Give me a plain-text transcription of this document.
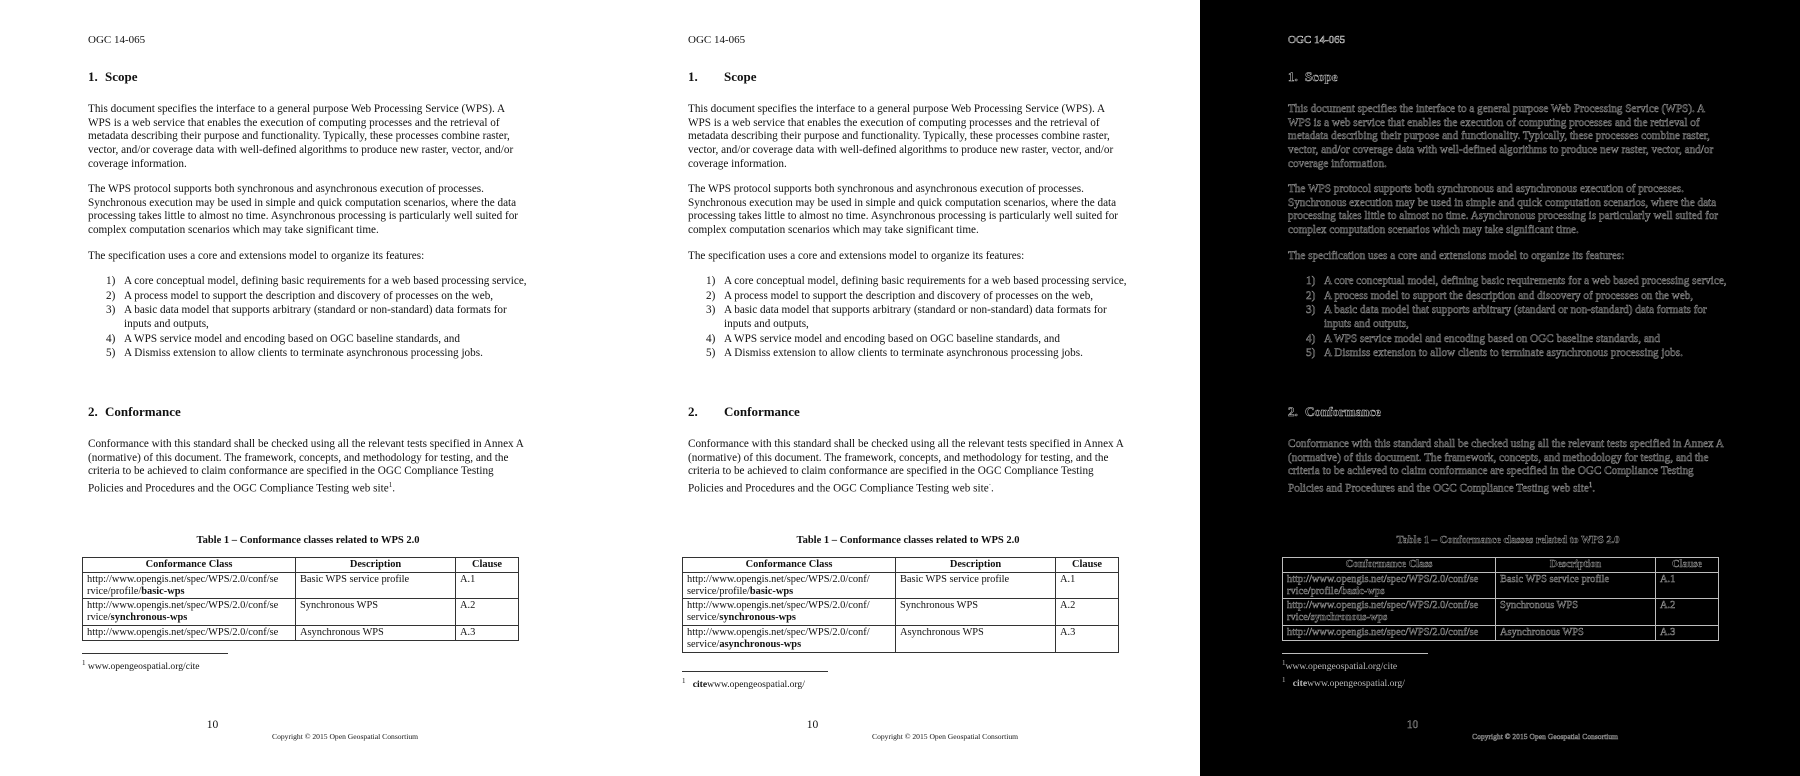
OGC 14-065
1. Scope

This document specifies the interface to a general purpose Web Processing Service (WPS). A WPS is a web service that enables the execution of computing processes and the retrieval of metadata describing their purpose and functionality. Typically, these processes combine raster, vector, and/or coverage data with well-defined algorithms to produce new raster, vector, and/or coverage information.

The WPS protocol supports both synchronous and asynchronous execution of processes. Synchronous execution may be used in simple and quick computation scenarios, where the data processing takes little to almost no time. Asynchronous processing is particularly well suited for complex computation scenarios which may take significant time.

The specification uses a core and extensions model to organize its features:

1) A core conceptual model, defining basic requirements for a web based processing service,
2) A process model to support the description and discovery of processes on the web,
3) A basic data model that supports arbitrary (standard or non-standard) data formats for inputs and outputs,
4) A WPS service model and encoding based on OGC baseline standards, and
5) A Dismiss extension to allow clients to terminate asynchronous processing jobs.
2. Conformance

Conformance with this standard shall be checked using all the relevant tests specified in Annex A (normative) of this document. The framework, concepts, and methodology for testing, and the criteria to be achieved to claim conformance are specified in the OGC Compliance Testing Policies and Procedures and the OGC Compliance Testing web site$^1$.

Table 1 – Conformance classes related to WPS 2.0
Conformance Class	Description	Clause
http://www.opengis.net/spec/WPS/2.0/conf/se rvice/profile/basic-wps	Basic WPS service profile	A.1
http://www.opengis.net/spec/WPS/2.0/conf/se rvice/synchronous-wps	Synchronous WPS	A.2
http://www.opengis.net/spec/WPS/2.0/conf/se	Asynchronous WPS	A.3
$^1$ www.opengeospatial.org/cite
10
Copyright © 2015 Open Geospatial Consortium
OGC 14-065
1.	Scope

This document specifies the interface to a general purpose Web Processing Service (WPS). A WPS is a web service that enables the execution of computing processes and the retrieval of metadata describing their purpose and functionality. Typically, these processes combine raster, vector, and/or coverage data with well-defined algorithms to produce new raster, vector, and/or coverage information.

The WPS protocol supports both synchronous and asynchronous execution of processes. Synchronous execution may be used in simple and quick computation scenarios, where the data processing takes little to almost no time. Asynchronous processing is particularly well suited for complex computation scenarios which may take significant time.

The specification uses a core and extensions model to organize its features:

1) A core conceptual model, defining basic requirements for a web based processing service,
2) A process model to support the description and discovery of processes on the web,
3) A basic data model that supports arbitrary (standard or non-standard) data formats for inputs and outputs,
4) A WPS service model and encoding based on OGC baseline standards, and
5) A Dismiss extension to allow clients to terminate asynchronous processing jobs.
2.	Conformance

Conformance with this standard shall be checked using all the relevant tests specified in Annex A (normative) of this document. The framework, concepts, and methodology for testing, and the criteria to be achieved to claim conformance are specified in the OGC Compliance Testing Policies and Procedures and the OGC Compliance Testing web site·.

Table 1 – Conformance classes related to WPS 2.0
Conformance Class	Description	Clause
http://www.opengis.net/spec/WPS/2.0/conf/ service/profile/basic-wps	Basic WPS service profile	A.1
http://www.opengis.net/spec/WPS/2.0/conf/ service/synchronous-wps	Synchronous WPS	A.2
http://www.opengis.net/spec/WPS/2.0/conf/ service/asynchronous-wps	Asynchronous WPS	A.3
$^1$ citewww.opengeospatial.org/
10
Copyright © 2015 Open Geospatial Consortium
OGC 14-065
1. Scope

This document specifies the interface to a general purpose Web Processing Service (WPS). A WPS is a web service that enables the execution of computing processes and the retrieval of metadata describing their purpose and functionality. Typically, these processes combine raster, vector, and/or coverage data with well-defined algorithms to produce new raster, vector, and/or coverage information.

The WPS protocol supports both synchronous and asynchronous execution of processes. Synchronous execution may be used in simple and quick computation scenarios, where the data processing takes little to almost no time. Asynchronous processing is particularly well suited for complex computation scenarios which may take significant time.

The specification uses a core and extensions model to organize its features:

1) A core conceptual model, defining basic requirements for a web based processing service,
2) A process model to support the description and discovery of processes on the web,
3) A basic data model that supports arbitrary (standard or non-standard) data formats for inputs and outputs,
4) A WPS service model and encoding based on OGC baseline standards, and
5) A Dismiss extension to allow clients to terminate asynchronous processing jobs.
2. Conformance

Conformance with this standard shall be checked using all the relevant tests specified in Annex A (normative) of this document. The framework, concepts, and methodology for testing, and the criteria to be achieved to claim conformance are specified in the OGC Compliance Testing Policies and Procedures and the OGC Compliance Testing web site$^1$.

Table 1 – Conformance classes related to WPS 2.0
Conformance Class	Description	Clause
http://www.opengis.net/spec/WPS/2.0/conf/se rvice/profile/basic-wps	Basic WPS service profile	A.1
http://www.opengis.net/spec/WPS/2.0/conf/se rvice/synchronous-wps	Synchronous WPS	A.2
http://www.opengis.net/spec/WPS/2.0/conf/se	Asynchronous WPS	A.3
$^1$www.opengeospatial.org/cite
$^1$ citewww.opengeospatial.org/
10
Copyright © 2015 Open Geospatial Consortium
